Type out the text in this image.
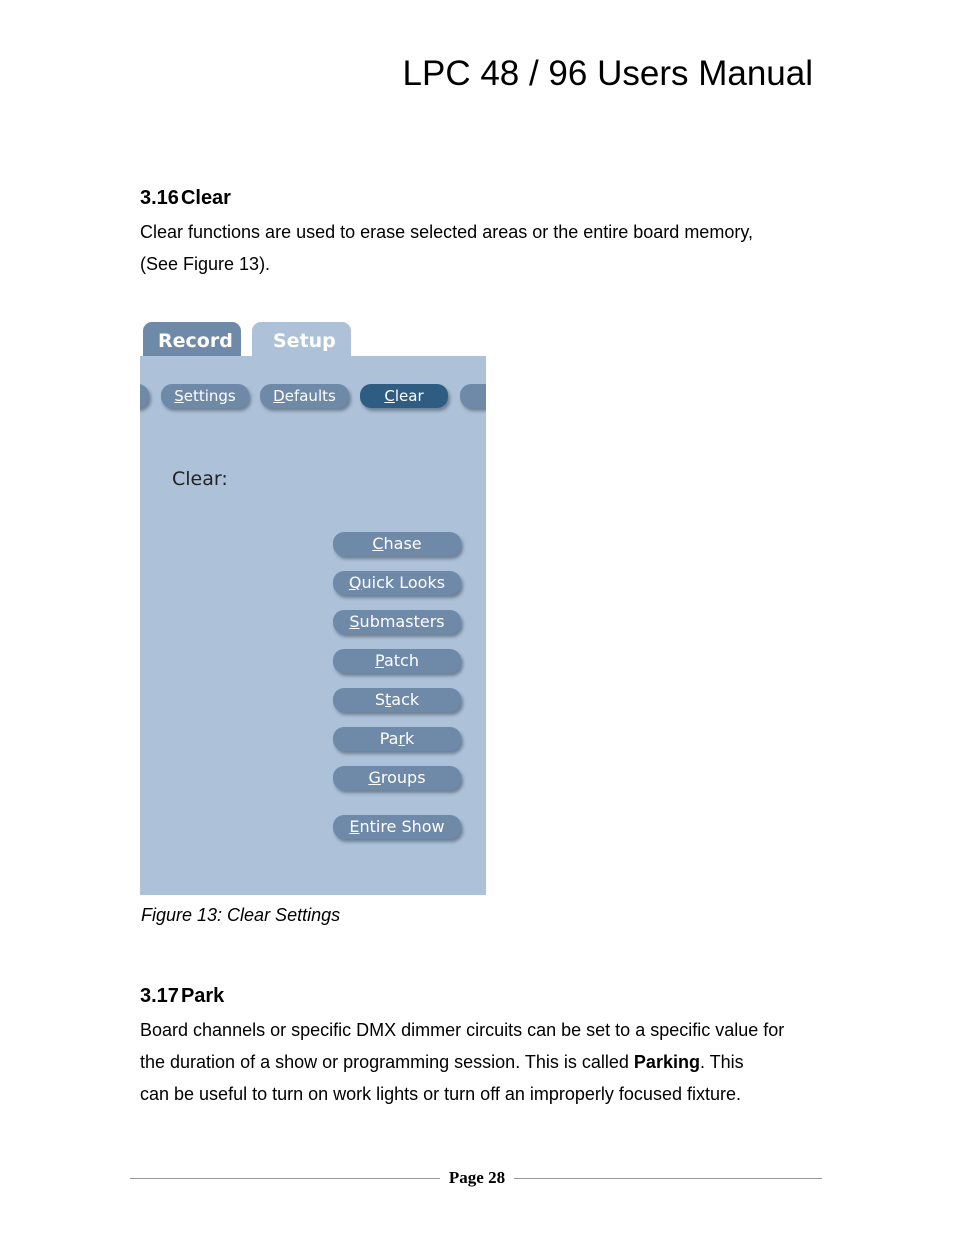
LPC 48 / 96 Users Manual
3.16 Clear
Clear functions are used to erase selected areas or the entire board memory,
(See Figure 13).
Record	Setup
Settings	Defaults	Clear
Clear:
Chase
Quick Looks
Submasters
Patch
Stack
Park
Groups
Entire Show
Figure 13: Clear Settings
3.17 Park
Board channels or specific DMX dimmer circuits can be set to a specific value for
the duration of a show or programming session. This is called Parking. This
can be useful to turn on work lights or turn off an improperly focused fixture.
Page 28
